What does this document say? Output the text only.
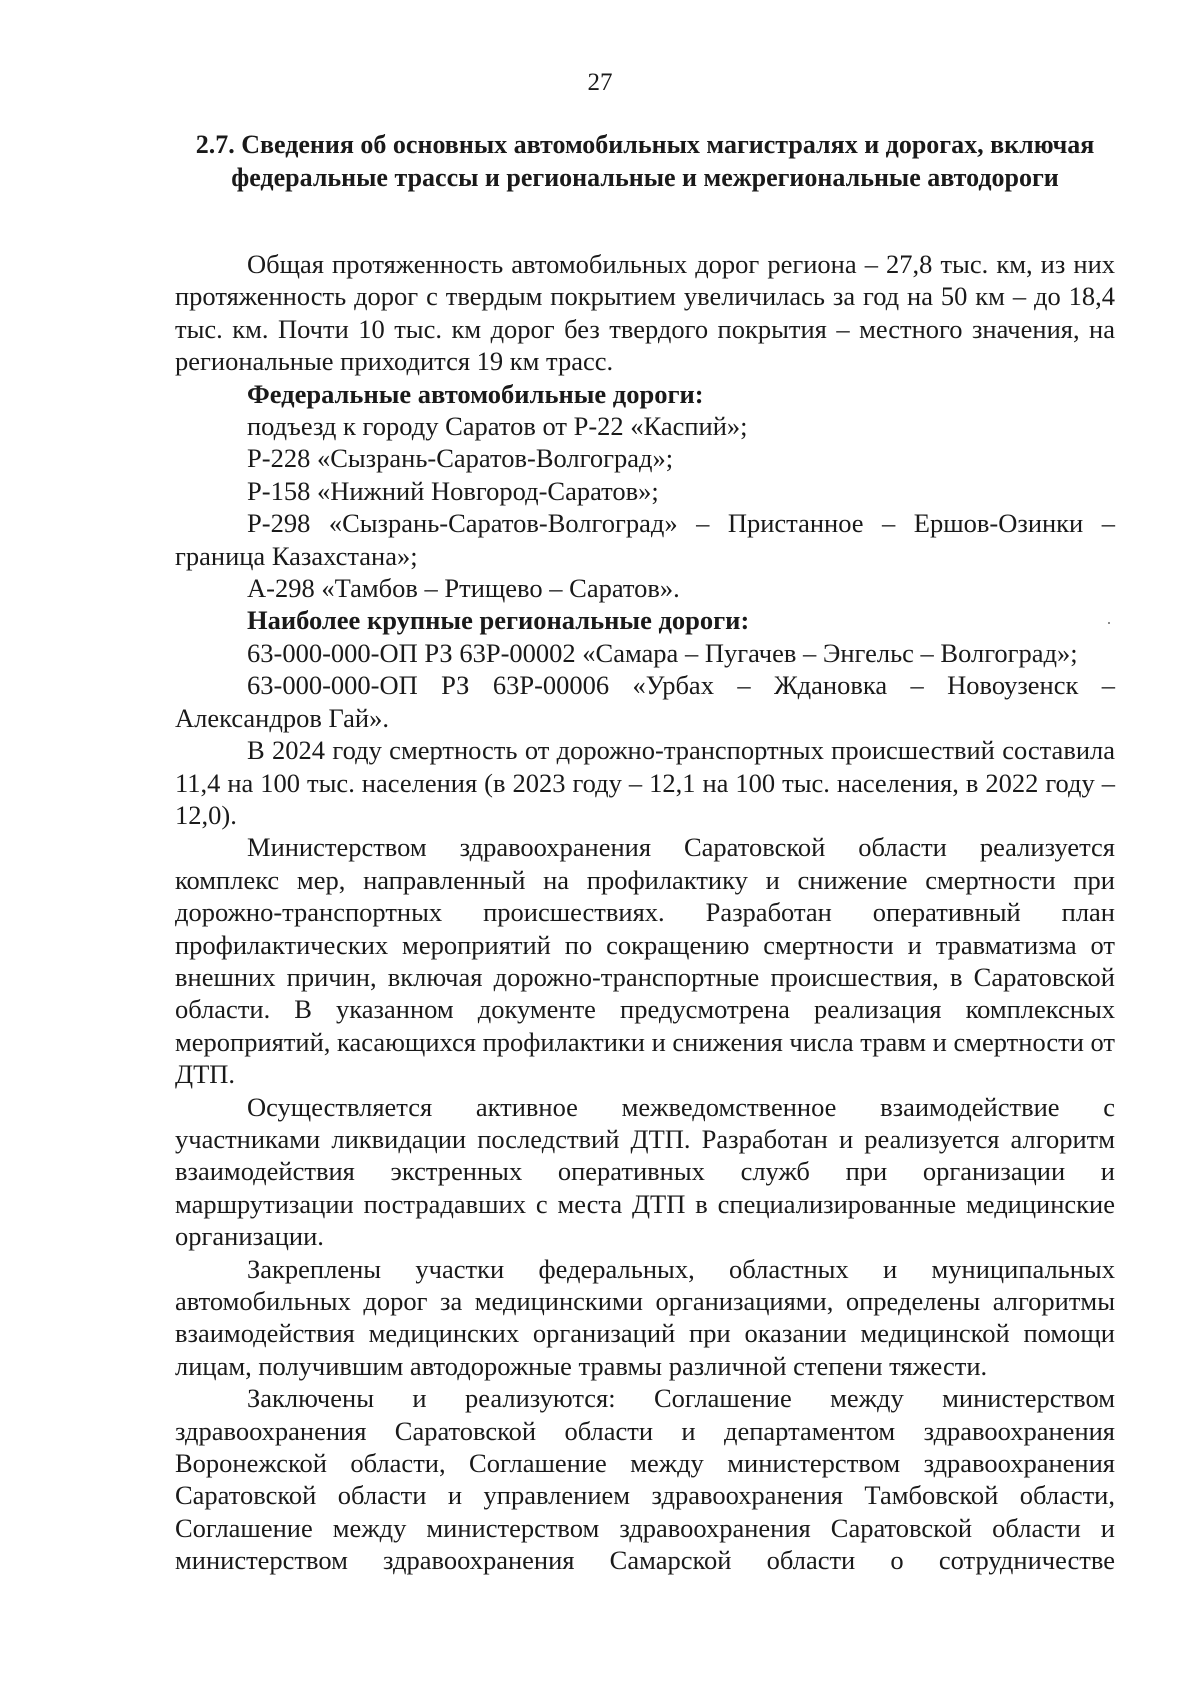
27
2.7. Сведения об основных автомобильных магистралях и дорогах, включая федеральные трассы и региональные и межрегиональные автодороги

Общая протяженность автомобильных дорог региона – 27,8 тыс. км, из них протяженность дорог с твердым покрытием увеличилась за год на 50 км – до 18,4 тыс. км. Почти 10 тыс. км дорог без твердого покрытия – местного значения, на региональные приходится 19 км трасс.

Федеральные автомобильные дороги:

подъезд к городу Саратов от Р-22 «Каспий»;

Р-228 «Сызрань-Саратов-Волгоград»;

Р-158 «Нижний Новгород-Саратов»;

Р-298 «Сызрань-Саратов-Волгоград» – Пристанное – Ершов-Озинки – граница Казахстана»;

А-298 «Тамбов – Ртищево – Саратов».

Наиболее крупные региональные дороги:

63-000-000-ОП РЗ 63Р-00002 «Самара – Пугачев – Энгельс – Волгоград»;

63-000-000-ОП РЗ 63Р-00006 «Урбах – Ждановка – Новоузенск – Александров Гай».

В 2024 году смертность от дорожно-транспортных происшествий составила 11,4 на 100 тыс. населения (в 2023 году – 12,1 на 100 тыс. населения, в 2022 году – 12,0).

Министерством здравоохранения Саратовской области реализуется комплекс мер, направленный на профилактику и снижение смертности при дорожно-транспортных происшествиях. Разработан оперативный план профилактических мероприятий по сокращению смертности и травматизма от внешних причин, включая дорожно-транспортные происшествия, в Саратовской области. В указанном документе предусмотрена реализация комплексных мероприятий, касающихся профилактики и снижения числа травм и смертности от ДТП.

Осуществляется активное межведомственное взаимодействие с участниками ликвидации последствий ДТП. Разработан и реализуется алгоритм взаимодействия экстренных оперативных служб при организации и маршрутизации пострадавших с места ДТП в специализированные медицинские организации.

Закреплены участки федеральных, областных и муниципальных автомобильных дорог за медицинскими организациями, определены алгоритмы взаимодействия медицинских организаций при оказании медицинской помощи лицам, получившим автодорожные травмы различной степени тяжести.

Заключены и реализуются: Соглашение между министерством здравоохранения Саратовской области и департаментом здравоохранения Воронежской области, Соглашение между министерством здравоохранения Саратовской области и управлением здравоохранения Тамбовской области, Соглашение между министерством здравоохранения Саратовской области и министерством здравоохранения Самарской области о сотрудничестве
